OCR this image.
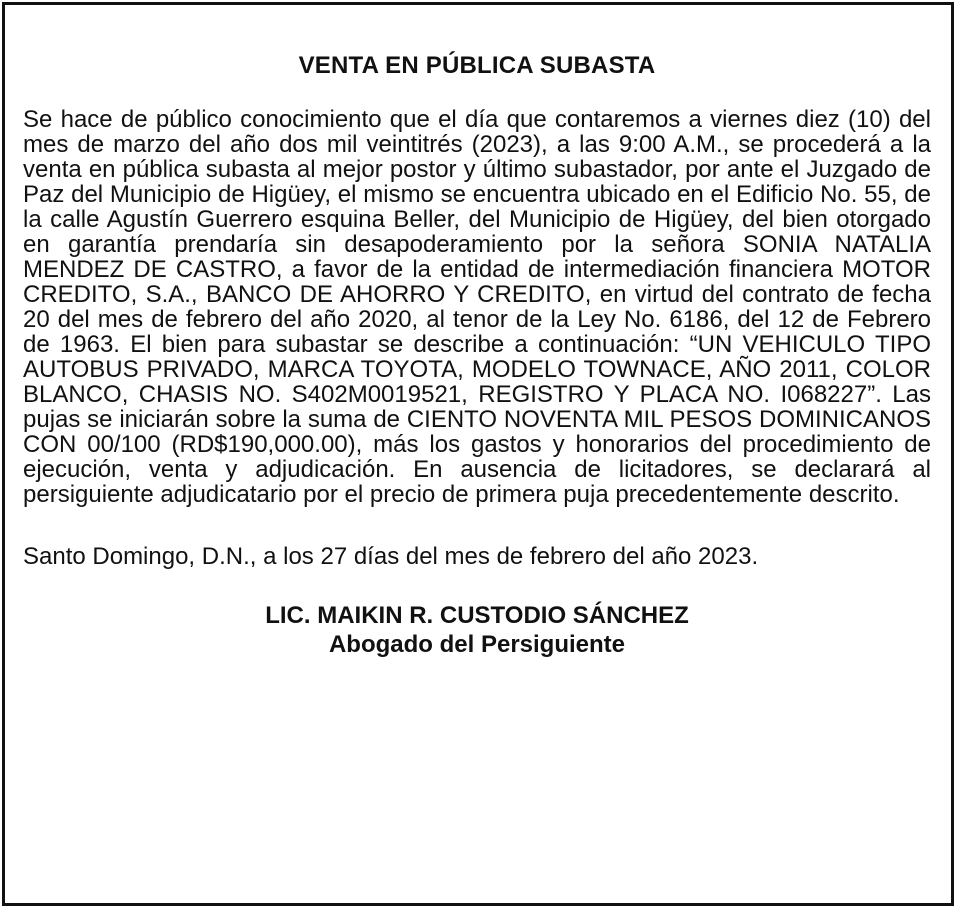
VENTA EN PÚBLICA SUBASTA

Se hace de público conocimiento que el día que contaremos a viernes diez (10) del mes de marzo del año dos mil veintitrés (2023), a las 9:00 A.M., se procederá a la venta en pública subasta al mejor postor y último subastador, por ante el Juzgado de Paz del Municipio de Higüey, el mismo se encuentra ubicado en el Edificio No. 55, de la calle Agustín Guerrero esquina Beller, del Municipio de Higüey, del bien otorgado en garantía prendaría sin desapoderamiento por la señora SONIA NATALIA MENDEZ DE CASTRO, a favor de la entidad de intermediación financiera MOTOR CREDITO, S.A., BANCO DE AHORRO Y CREDITO, en virtud del contrato de fecha 20 del mes de febrero del año 2020, al tenor de la Ley No. 6186, del 12 de Febrero de 1963. El bien para subastar se describe a continuación: “UN VEHICULO TIPO AUTOBUS PRIVADO, MARCA TOYOTA, MODELO TOWNACE, AÑO 2011, COLOR BLANCO, CHASIS NO. S402M0019521, REGISTRO Y PLACA NO. I068227”. Las pujas se iniciarán sobre la suma de CIENTO NOVENTA MIL PESOS DOMINICANOS CON 00/100 (RD$190,000.00), más los gastos y honorarios del procedimiento de ejecución, venta y adjudicación. En ausencia de licitadores, se declarará al persiguiente adjudicatario por el precio de primera puja precedentemente descrito.

Santo Domingo, D.N., a los 27 días del mes de febrero del año 2023.

LIC. MAIKIN R. CUSTODIO SÁNCHEZ
Abogado del Persiguiente
